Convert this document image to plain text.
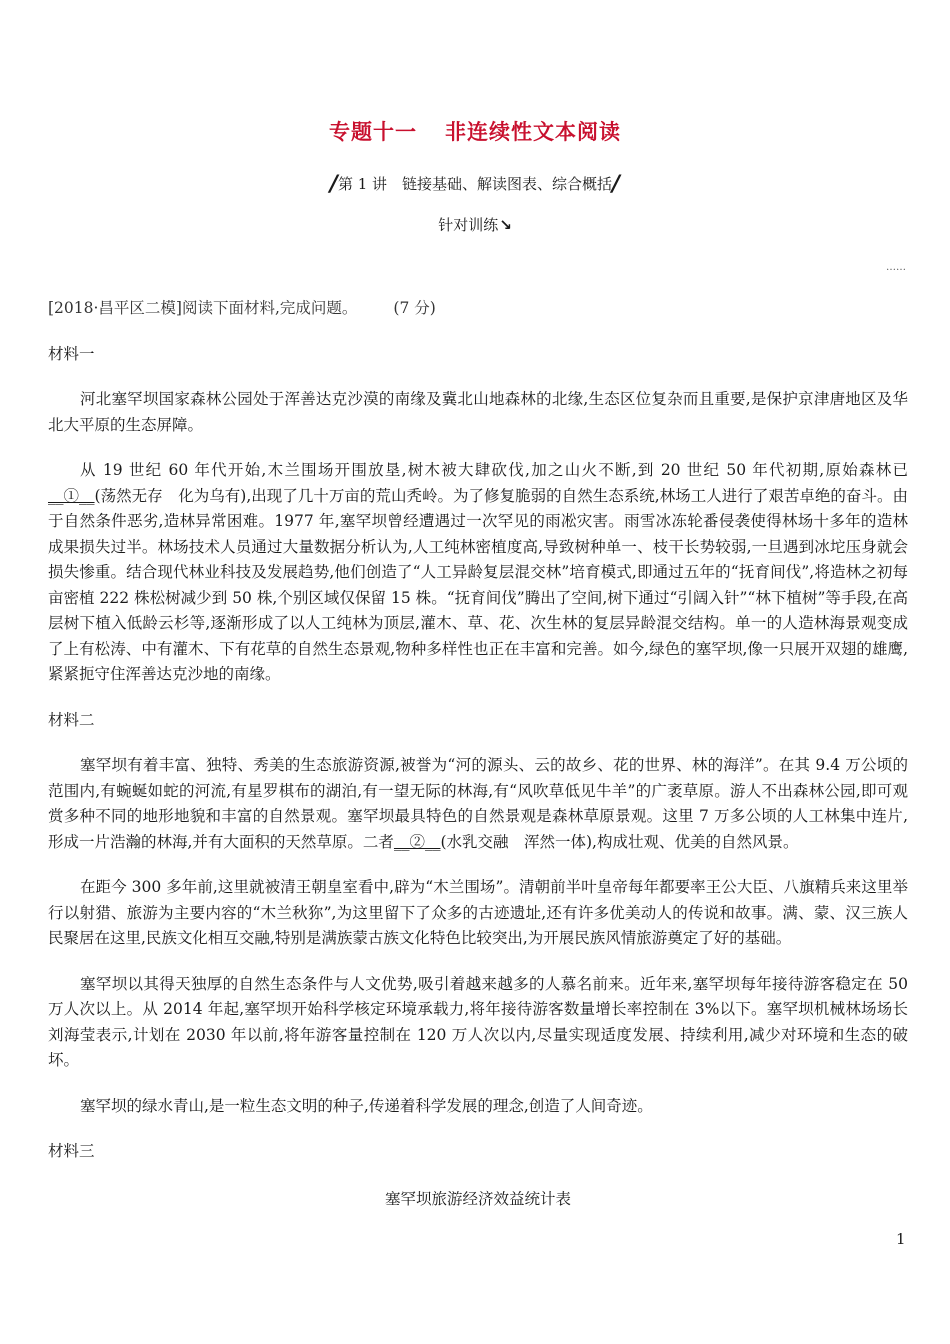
专题十一 非连续性文本阅读
/第 1 讲　链接基础、解读图表、综合概括/
针对训练↘
……

[2018·昌平区二模]阅读下面材料,完成问题。 (7 分)

材料一

河北塞罕坝国家森林公园处于浑善达克沙漠的南缘及冀北山地森林的北缘,生态区位复杂而且重要,是保护京津唐地区及华北大平原的生态屏障。

从 19 世纪 60 年代开始,木兰围场开围放垦,树木被大肆砍伐,加之山火不断,到 20 世纪 50 年代初期,原始森林已__①__(荡然无存　化为乌有),出现了几十万亩的荒山秃岭。为了修复脆弱的自然生态系统,林场工人进行了艰苦卓绝的奋斗。由于自然条件恶劣,造林异常困难。1977 年,塞罕坝曾经遭遇过一次罕见的雨凇灾害。雨雪冰冻轮番侵袭使得林场十多年的造林成果损失过半。林场技术人员通过大量数据分析认为,人工纯林密植度高,导致树种单一、枝干长势较弱,一旦遇到冰坨压身就会损失惨重。结合现代林业科技及发展趋势,他们创造了“人工异龄复层混交林”培育模式,即通过五年的“抚育间伐”,将造林之初每亩密植 222 株松树减少到 50 株,个别区域仅保留 15 株。“抚育间伐”腾出了空间,树下通过“引阔入针”“林下植树”等手段,在高层树下植入低龄云杉等,逐渐形成了以人工纯林为顶层,灌木、草、花、次生林的复层异龄混交结构。单一的人造林海景观变成了上有松涛、中有灌木、下有花草的自然生态景观,物种多样性也正在丰富和完善。如今,绿色的塞罕坝,像一只展开双翅的雄鹰,紧紧扼守住浑善达克沙地的南缘。

材料二

塞罕坝有着丰富、独特、秀美的生态旅游资源,被誉为“河的源头、云的故乡、花的世界、林的海洋”。在其 9.4 万公顷的范围内,有蜿蜒如蛇的河流,有星罗棋布的湖泊,有一望无际的林海,有“风吹草低见牛羊”的广袤草原。游人不出森林公园,即可观赏多种不同的地形地貌和丰富的自然景观。塞罕坝最具特色的自然景观是森林草原景观。这里 7 万多公顷的人工林集中连片,形成一片浩瀚的林海,并有大面积的天然草原。二者__②__(水乳交融　浑然一体),构成壮观、优美的自然风景。

在距今 300 多年前,这里就被清王朝皇室看中,辟为“木兰围场”。清朝前半叶皇帝每年都要率王公大臣、八旗精兵来这里举行以射猎、旅游为主要内容的“木兰秋狝”,为这里留下了众多的古迹遗址,还有许多优美动人的传说和故事。满、蒙、汉三族人民聚居在这里,民族文化相互交融,特别是满族蒙古族文化特色比较突出,为开展民族风情旅游奠定了好的基础。

塞罕坝以其得天独厚的自然生态条件与人文优势,吸引着越来越多的人慕名前来。近年来,塞罕坝每年接待游客稳定在 50 万人次以上。从 2014 年起,塞罕坝开始科学核定环境承载力,将年接待游客数量增长率控制在 3%以下。塞罕坝机械林场场长刘海莹表示,计划在 2030 年以前,将年游客量控制在 120 万人次以内,尽量实现适度发展、持续利用,减少对环境和生态的破坏。

塞罕坝的绿水青山,是一粒生态文明的种子,传递着科学发展的理念,创造了人间奇迹。

材料三

塞罕坝旅游经济效益统计表

1
